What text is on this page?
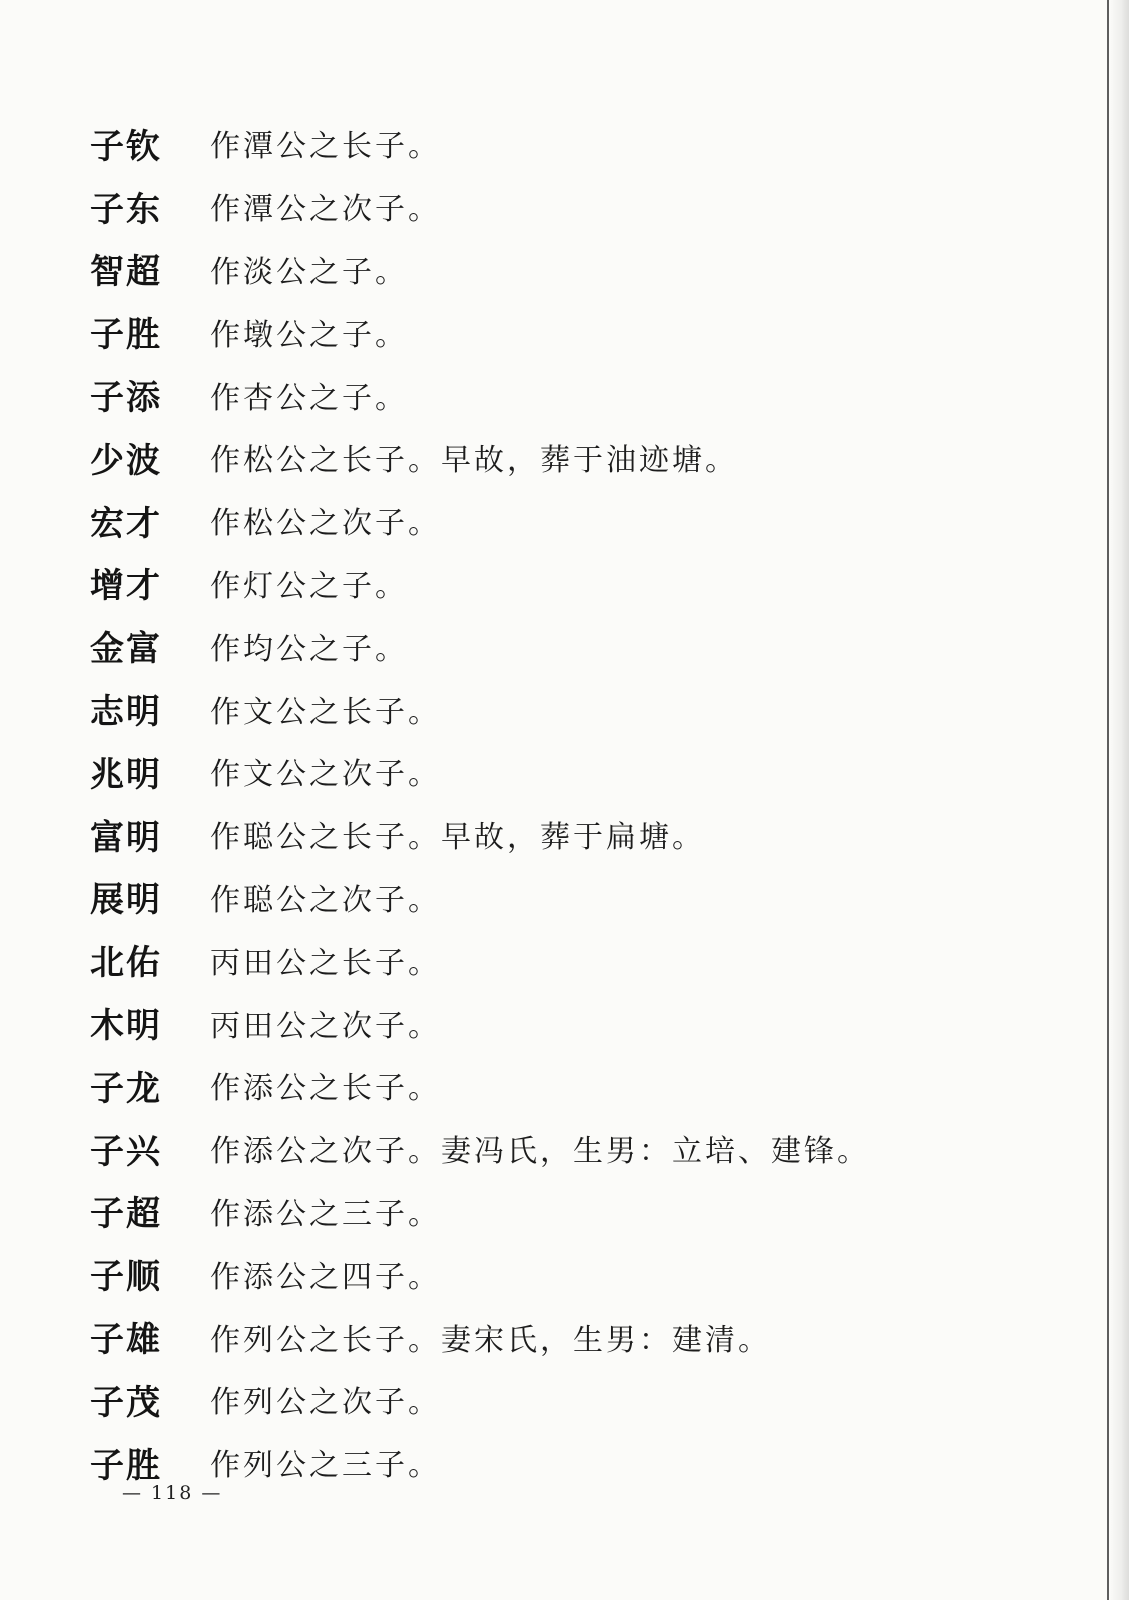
子钦	作潭公之长子。
子东	作潭公之次子。
智超	作淡公之子。
子胜	作墩公之子。
子添	作杏公之子。
少波	作松公之长子。早故，葬于油迹塘。
宏才	作松公之次子。
增才	作灯公之子。
金富	作均公之子。
志明	作文公之长子。
兆明	作文公之次子。
富明	作聪公之长子。早故，葬于扁塘。
展明	作聪公之次子。
北佑	丙田公之长子。
木明	丙田公之次子。
子龙	作添公之长子。
子兴	作添公之次子。妻冯氏，生男：立培、建锋。
子超	作添公之三子。
子顺	作添公之四子。
子雄	作列公之长子。妻宋氏，生男：建清。
子茂	作列公之次子。
子胜	作列公之三子。
— 118 —
